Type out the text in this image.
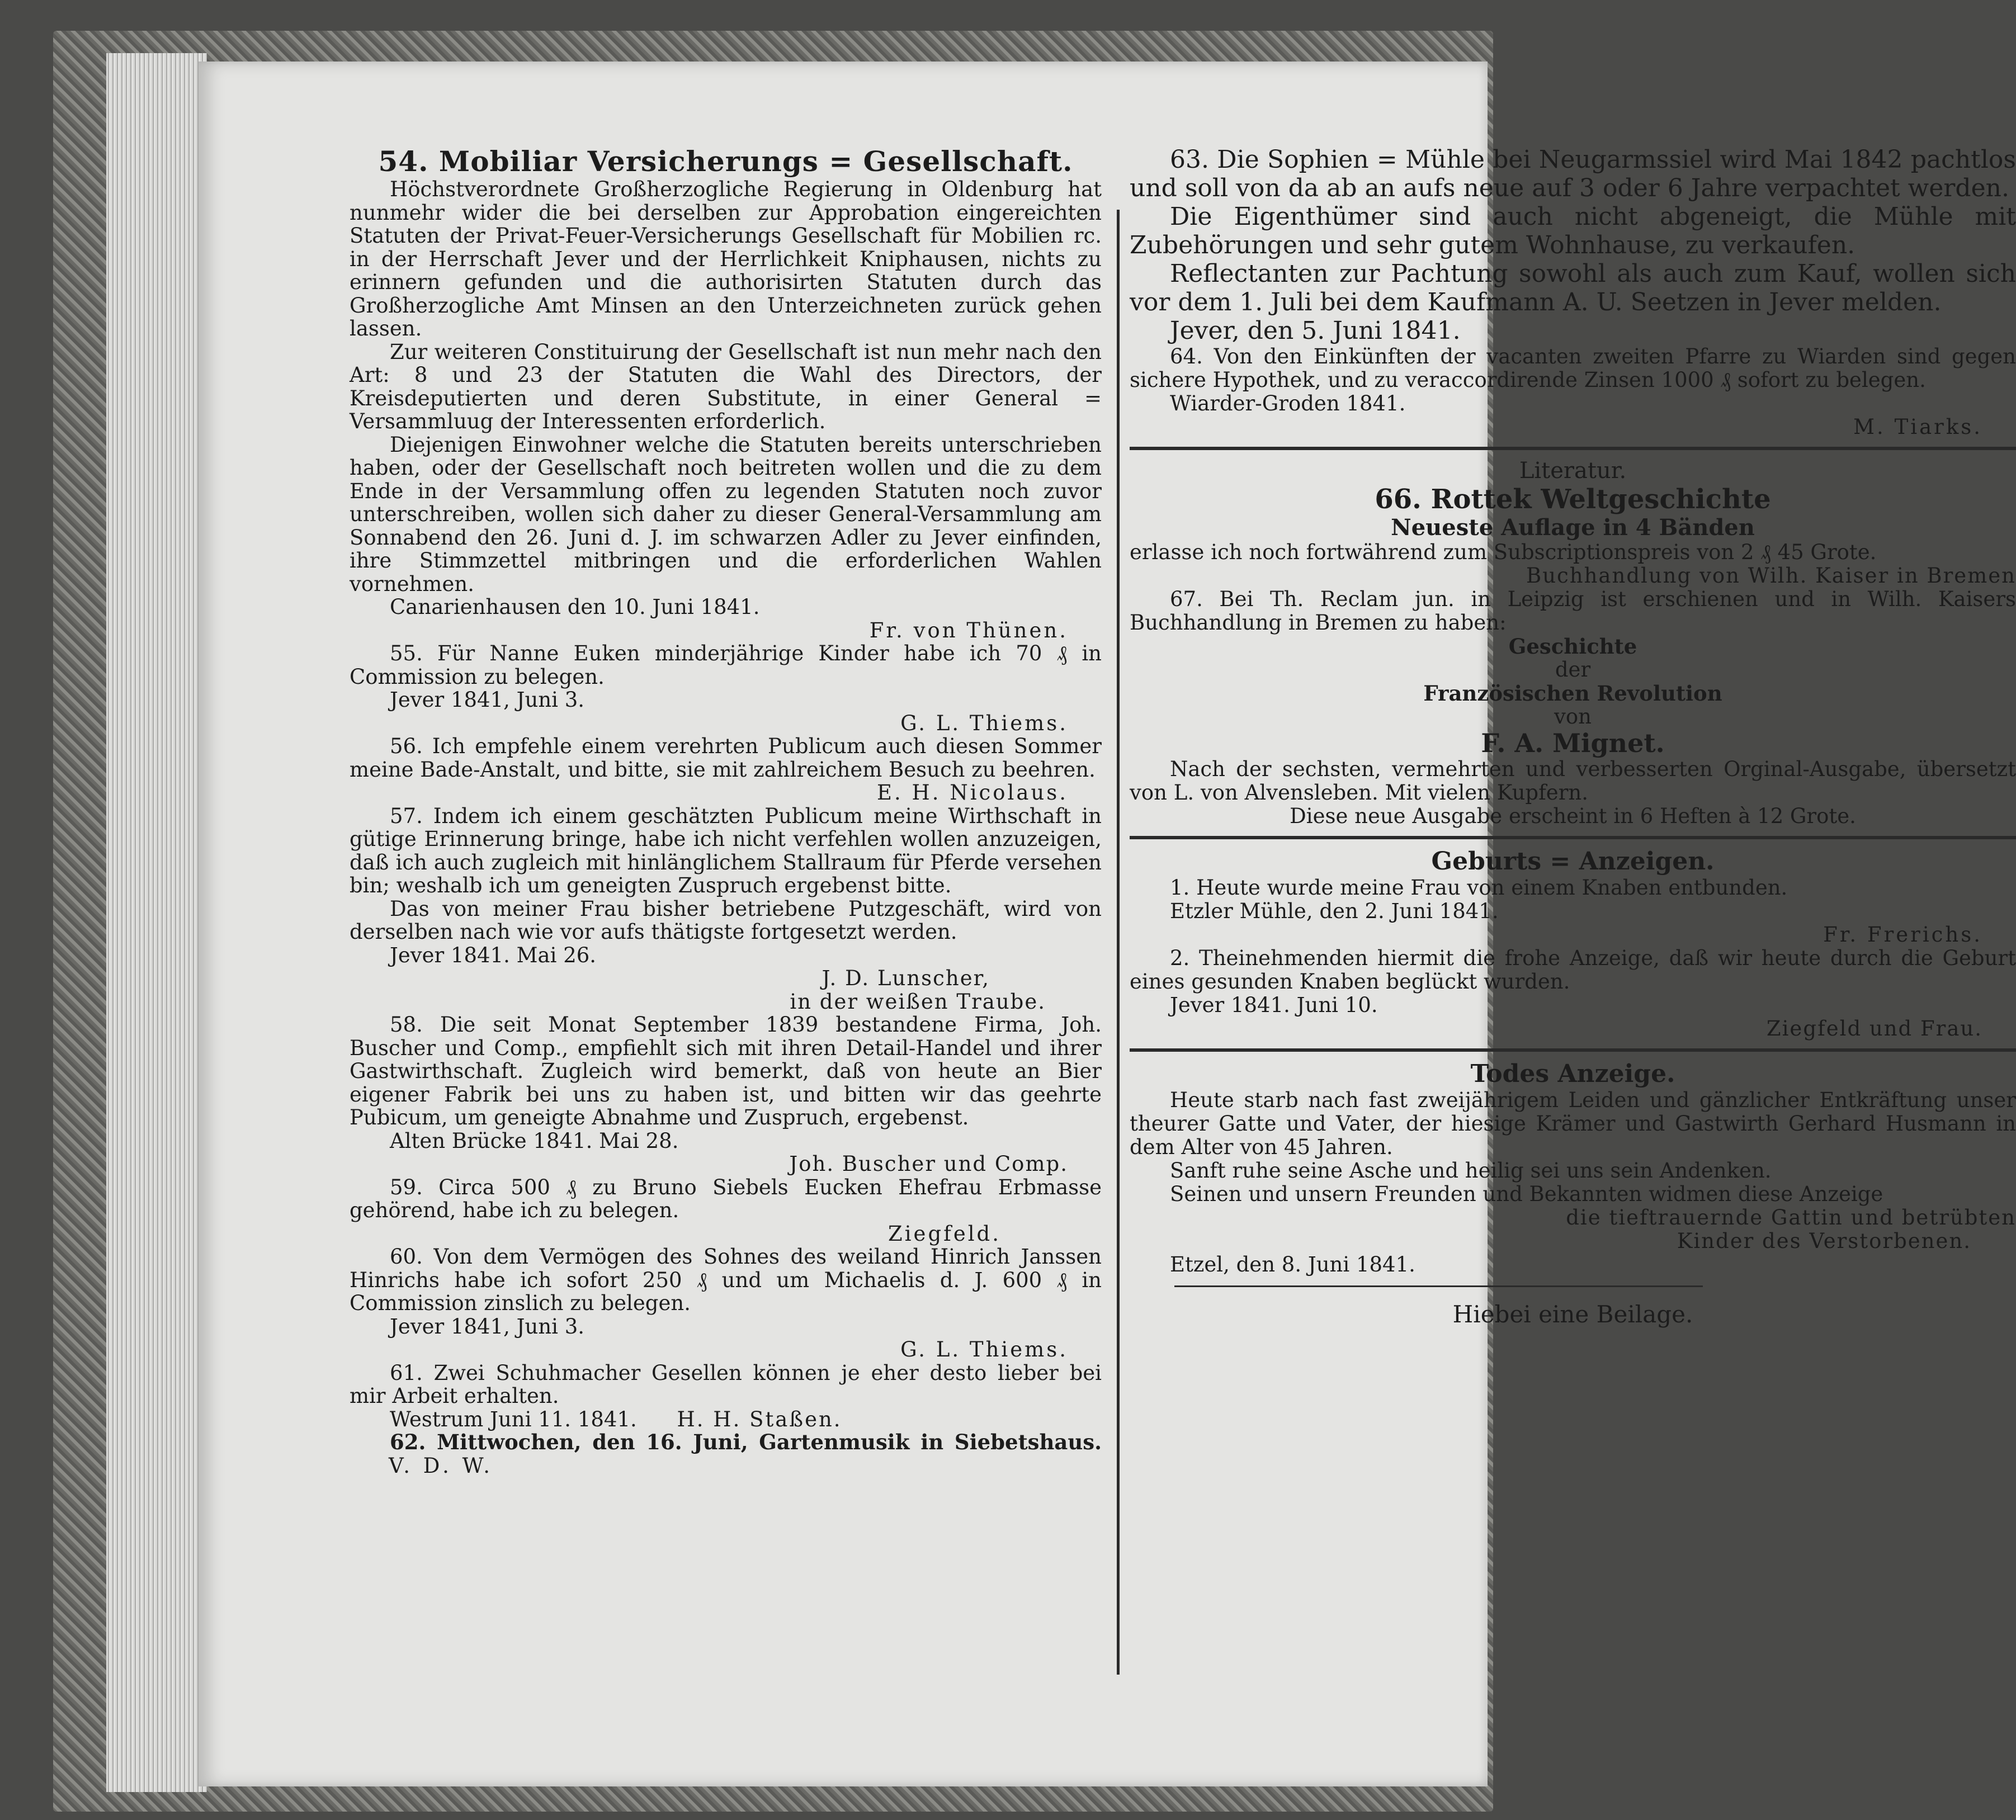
54. Mobiliar Versicherungs = Gesellschaft.

Höchstverordnete Großherzogliche Regierung in Oldenburg hat nunmehr wider die bei derselben zur Approbation eingereichten Statuten der Privat-Feuer-Versicherungs Gesellschaft für Mobilien rc. in der Herrschaft Jever und der Herrlichkeit Kniphausen, nichts zu erinnern gefunden und die authorisirten Statuten durch das Großherzogliche Amt Minsen an den Unterzeichneten zurück gehen lassen.

Zur weiteren Constituirung der Gesellschaft ist nun mehr nach den Art: 8 und 23 der Statuten die Wahl des Directors, der Kreisdeputierten und deren Substitute, in einer General = Versammluug der Interessenten erforderlich.

Diejenigen Einwohner welche die Statuten bereits unterschrieben haben, oder der Gesellschaft noch beitreten wollen und die zu dem Ende in der Versammlung offen zu legenden Statuten noch zuvor unterschreiben, wollen sich daher zu dieser General-Versammlung am Sonnabend den 26. Juni d. J. im schwarzen Adler zu Jever einfinden, ihre Stimmzettel mitbringen und die erforderlichen Wahlen vornehmen.

Canarienhausen den 10. Juni 1841.

Fr. von Thünen.

55. Für Nanne Euken minderjährige Kinder habe ich 70 ₰ in Commission zu belegen.

Jever 1841, Juni 3.

G. L. Thiems.

56. Ich empfehle einem verehrten Publicum auch diesen Sommer meine Bade-Anstalt, und bitte, sie mit zahlreichem Besuch zu beehren.

E. H. Nicolaus.

57. Indem ich einem geschätzten Publicum meine Wirthschaft in gütige Erinnerung bringe, habe ich nicht verfehlen wollen anzuzeigen, daß ich auch zugleich mit hinlänglichem Stallraum für Pferde versehen bin; weshalb ich um geneigten Zuspruch ergebenst bitte.

Das von meiner Frau bisher betriebene Putzgeschäft, wird von derselben nach wie vor aufs thätigste fortgesetzt werden.

Jever 1841. Mai 26.

J. D. Lunscher,

in der weißen Traube.

58. Die seit Monat September 1839 bestandene Firma, Joh. Buscher und Comp., empfiehlt sich mit ihren Detail-Handel und ihrer Gastwirthschaft. Zugleich wird bemerkt, daß von heute an Bier eigener Fabrik bei uns zu haben ist, und bitten wir das geehrte Pubicum, um geneigte Abnahme und Zuspruch, ergebenst.

Alten Brücke 1841. Mai 28.

Joh. Buscher und Comp.

59. Circa 500 ₰ zu Bruno Siebels Eucken Ehefrau Erbmasse gehörend, habe ich zu belegen.

Ziegfeld.

60. Von dem Vermögen des Sohnes des weiland Hinrich Janssen Hinrichs habe ich sofort 250 ₰ und um Michaelis d. J. 600 ₰ in Commission zinslich zu belegen.

Jever 1841, Juni 3.

G. L. Thiems.

61. Zwei Schuhmacher Gesellen können je eher desto lieber bei mir Arbeit erhalten.

Westrum Juni 11. 1841. H. H. Staßen.

62. Mittwochen, den 16. Juni, Gartenmusik in Siebetshaus. V. D. W.

63. Die Sophien = Mühle bei Neugarmssiel wird Mai 1842 pachtlos und soll von da ab an aufs neue auf 3 oder 6 Jahre verpachtet werden.

Die Eigenthümer sind auch nicht abgeneigt, die Mühle mit Zubehörungen und sehr gutem Wohnhause, zu verkaufen.

Reflectanten zur Pachtung sowohl als auch zum Kauf, wollen sich vor dem 1. Juli bei dem Kaufmann A. U. Seetzen in Jever melden.

Jever, den 5. Juni 1841.

64. Von den Einkünften der vacanten zweiten Pfarre zu Wiarden sind gegen sichere Hypothek, und zu veraccordirende Zinsen 1000 ₰ sofort zu belegen.

Wiarder-Groden 1841.

M. Tiarks.

Literatur.

66. Rottek Weltgeschichte

Neueste Auflage in 4 Bänden

erlasse ich noch fortwährend zum Subscriptionspreis von 2 ₰ 45 Grote.

Buchhandlung von Wilh. Kaiser in Bremen

67. Bei Th. Reclam jun. in Leipzig ist erschienen und in Wilh. Kaisers Buchhandlung in Bremen zu haben:

Geschichte

der

Französischen Revolution

von

F. A. Mignet.

Nach der sechsten, vermehrten und verbesserten Orginal-Ausgabe, übersetzt von L. von Alvensleben. Mit vielen Kupfern.

Diese neue Ausgabe erscheint in 6 Heften à 12 Grote.

Geburts = Anzeigen.

1. Heute wurde meine Frau von einem Knaben entbunden.

Etzler Mühle, den 2. Juni 1841.

Fr. Frerichs.

2. Theinehmenden hiermit die frohe Anzeige, daß wir heute durch die Geburt eines gesunden Knaben beglückt wurden.

Jever 1841. Juni 10.

Ziegfeld und Frau.

Todes Anzeige.

Heute starb nach fast zweijährigem Leiden und gänzlicher Entkräftung unser theurer Gatte und Vater, der hiesige Krämer und Gastwirth Gerhard Husmann in dem Alter von 45 Jahren.

Sanft ruhe seine Asche und heilig sei uns sein Andenken.

Seinen und unsern Freunden und Bekannten widmen diese Anzeige

die tieftrauernde Gattin und betrübten

Kinder des Verstorbenen.

Etzel, den 8. Juni 1841.

Hiebei eine Beilage.
